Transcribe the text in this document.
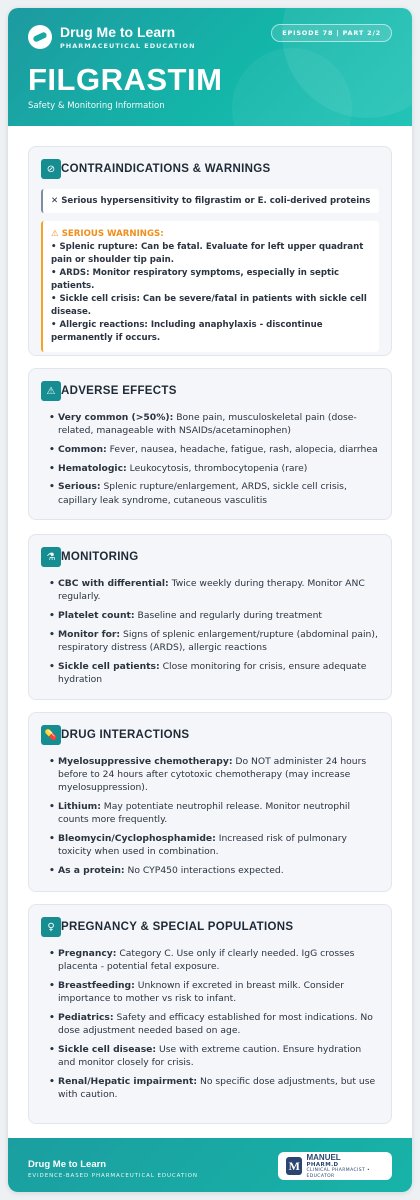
Drug Me to Learn
PHARMACEUTICAL EDUCATION
EPISODE 78 | PART 2/2
FILGRASTIM
Safety & Monitoring Information
⊘ CONTRAINDICATIONS & WARNINGS
✕ Serious hypersensitivity to filgrastim or E. coli-derived proteins
⚠ SERIOUS WARNINGS:
• Splenic rupture: Can be fatal. Evaluate for left upper quadrant pain or shoulder tip pain.
• ARDS: Monitor respiratory symptoms, especially in septic patients.
• Sickle cell crisis: Can be severe/fatal in patients with sickle cell disease.
• Allergic reactions: Including anaphylaxis - discontinue permanently if occurs.
⚠ ADVERSE EFFECTS
• Very common (>50%): Bone pain, musculoskeletal pain (dose-related, manageable with NSAIDs/acetaminophen)
• Common: Fever, nausea, headache, fatigue, rash, alopecia, diarrhea
• Hematologic: Leukocytosis, thrombocytopenia (rare)
• Serious: Splenic rupture/enlargement, ARDS, sickle cell crisis, capillary leak syndrome, cutaneous vasculitis
⚗ MONITORING
• CBC with differential: Twice weekly during therapy. Monitor ANC regularly.
• Platelet count: Baseline and regularly during treatment
• Monitor for: Signs of splenic enlargement/rupture (abdominal pain), respiratory distress (ARDS), allergic reactions
• Sickle cell patients: Close monitoring for crisis, ensure adequate hydration
💊 DRUG INTERACTIONS
• Myelosuppressive chemotherapy: Do NOT administer 24 hours before to 24 hours after cytotoxic chemotherapy (may increase myelosuppression).
• Lithium: May potentiate neutrophil release. Monitor neutrophil counts more frequently.
• Bleomycin/Cyclophosphamide: Increased risk of pulmonary toxicity when used in combination.
• As a protein: No CYP450 interactions expected.
♀ PREGNANCY & SPECIAL POPULATIONS
• Pregnancy: Category C. Use only if clearly needed. IgG crosses placenta - potential fetal exposure.
• Breastfeeding: Unknown if excreted in breast milk. Consider importance to mother vs risk to infant.
• Pediatrics: Safety and efficacy established for most indications. No dose adjustment needed based on age.
• Sickle cell disease: Use with extreme caution. Ensure hydration and monitor closely for crisis.
• Renal/Hepatic impairment: No specific dose adjustments, but use with caution.
Drug Me to Learn
EVIDENCE-BASED PHARMACEUTICAL EDUCATION
M
MANUEL
PHARM.D
CLINICAL PHARMACIST • EDUCATOR
